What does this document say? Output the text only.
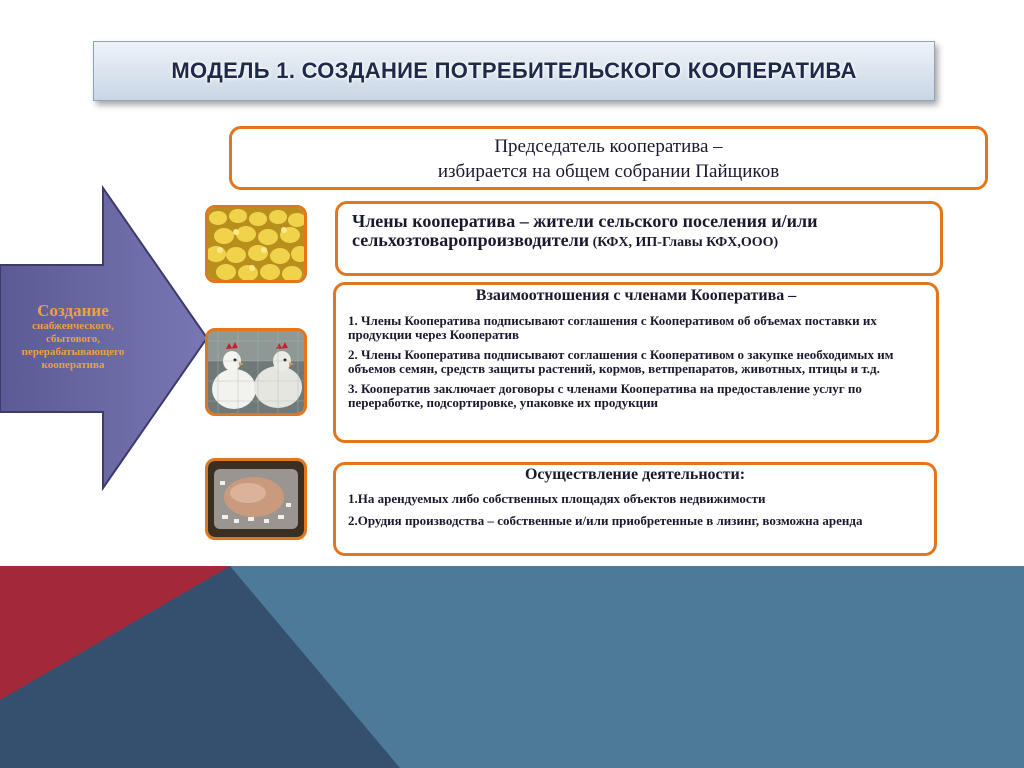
МОДЕЛЬ 1. СОЗДАНИЕ ПОТРЕБИТЕЛЬСКОГО КООПЕРАТИВА
Создание
снабженческого,
сбытового,
перерабатывающего
кооператива
Председатель кооператива –
избирается на общем собрании Пайщиков
Члены кооператива – жители сельского поселения и/или сельхозтоваропроизводители (КФХ, ИП-Главы КФХ,ООО)
Взаимоотношения с членами Кооператива –
1. Члены Кооператива подписывают соглашения с Кооперативом об объемах поставки их продукции через Кооператив
2. Члены Кооператива подписывают соглашения с Кооперативом о закупке необходимых им объемов семян, средств защиты растений, кормов, ветпрепаратов, животных, птицы и т.д.
3. Кооператив заключает договоры с членами Кооператива на предоставление услуг по переработке, подсортировке, упаковке их продукции
Осуществление деятельности:
1.На арендуемых либо собственных площадях объектов недвижимости
2.Орудия производства – собственные и/или приобретенные в лизинг, возможна аренда
